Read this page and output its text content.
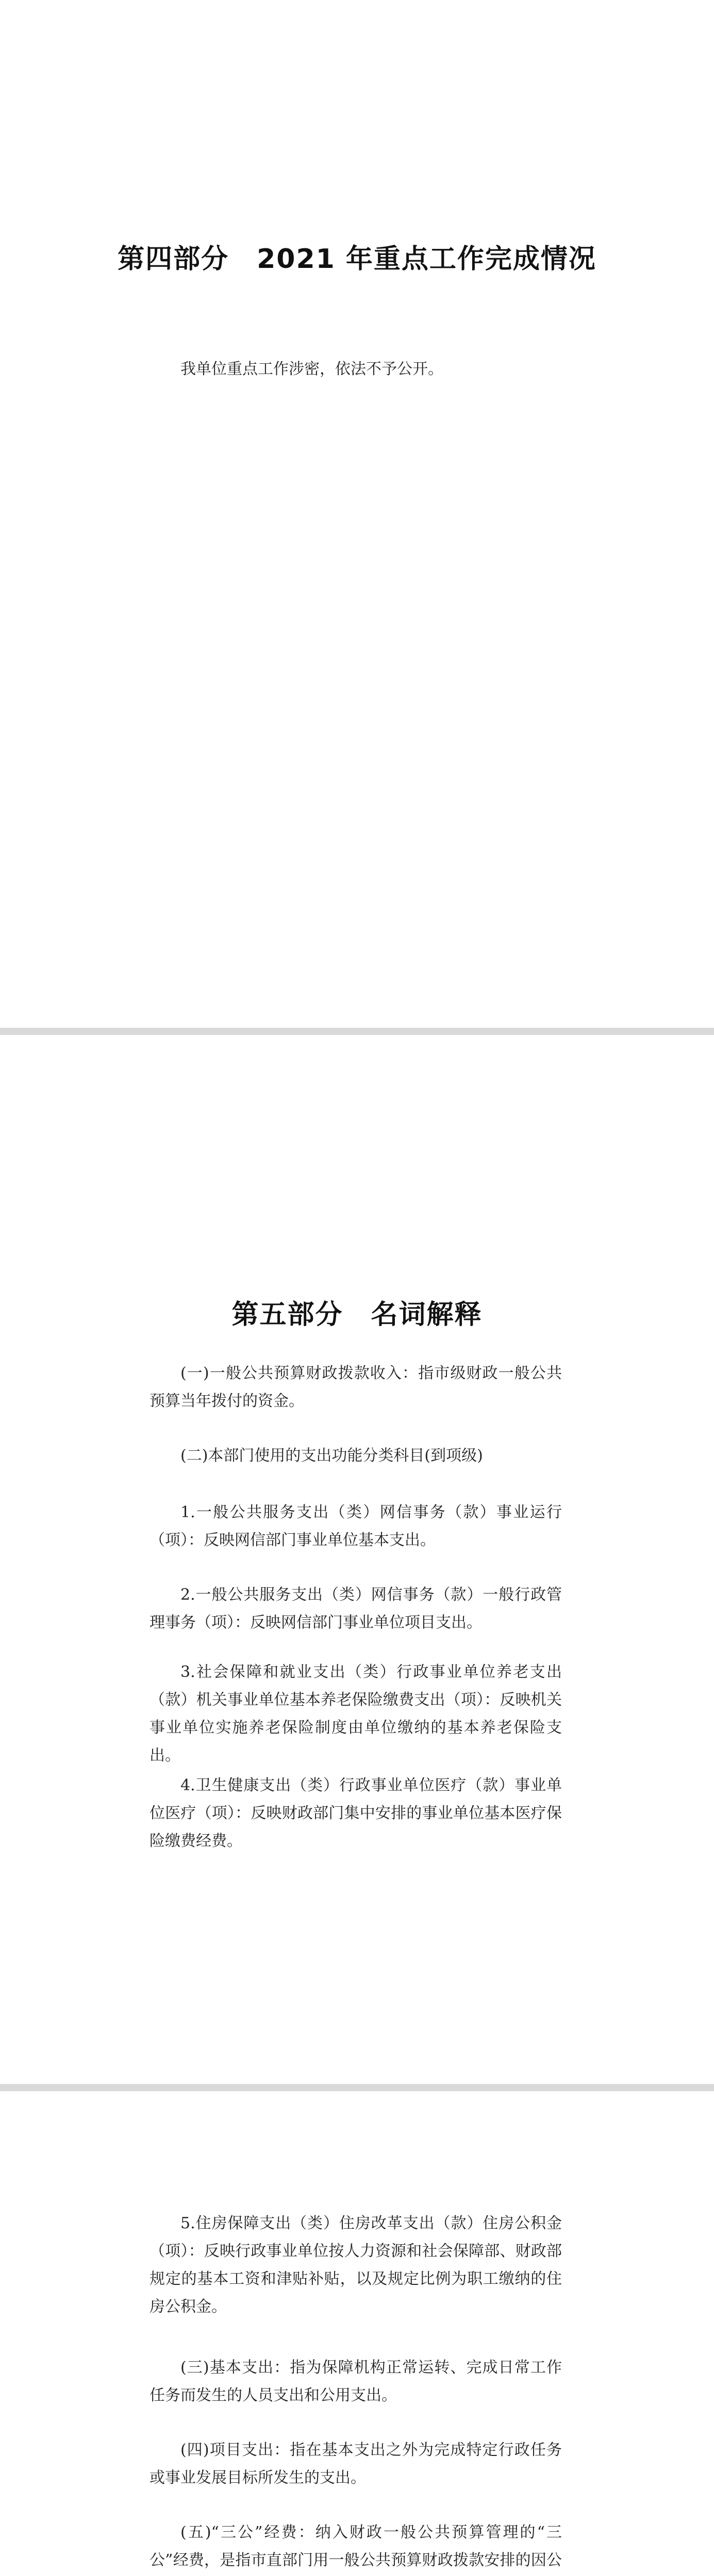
第四部分　2021 年重点工作完成情况

我单位重点工作涉密，依法不予公开。

第五部分　名词解释

(一)一般公共预算财政拨款收入：指市级财政一般公共预算当年拨付的资金。

(二)本部门使用的支出功能分类科目(到项级)

1.一般公共服务支出（类）网信事务（款）事业运行（项）：反映网信部门事业单位基本支出。

2.一般公共服务支出（类）网信事务（款）一般行政管理事务（项）：反映网信部门事业单位项目支出。

3.社会保障和就业支出（类）行政事业单位养老支出（款）机关事业单位基本养老保险缴费支出（项）：反映机关事业单位实施养老保险制度由单位缴纳的基本养老保险支出。

4.卫生健康支出（类）行政事业单位医疗（款）事业单位医疗（项）：反映财政部门集中安排的事业单位基本医疗保险缴费经费。

5.住房保障支出（类）住房改革支出（款）住房公积金（项）：反映行政事业单位按人力资源和社会保障部、财政部规定的基本工资和津贴补贴，以及规定比例为职工缴纳的住房公积金。

(三)基本支出：指为保障机构正常运转、完成日常工作任务而发生的人员支出和公用支出。

(四)项目支出：指在基本支出之外为完成特定行政任务或事业发展目标所发生的支出。

(五)“三公”经费：纳入财政一般公共预算管理的“三公”经费，是指市直部门用一般公共预算财政拨款安排的因公
